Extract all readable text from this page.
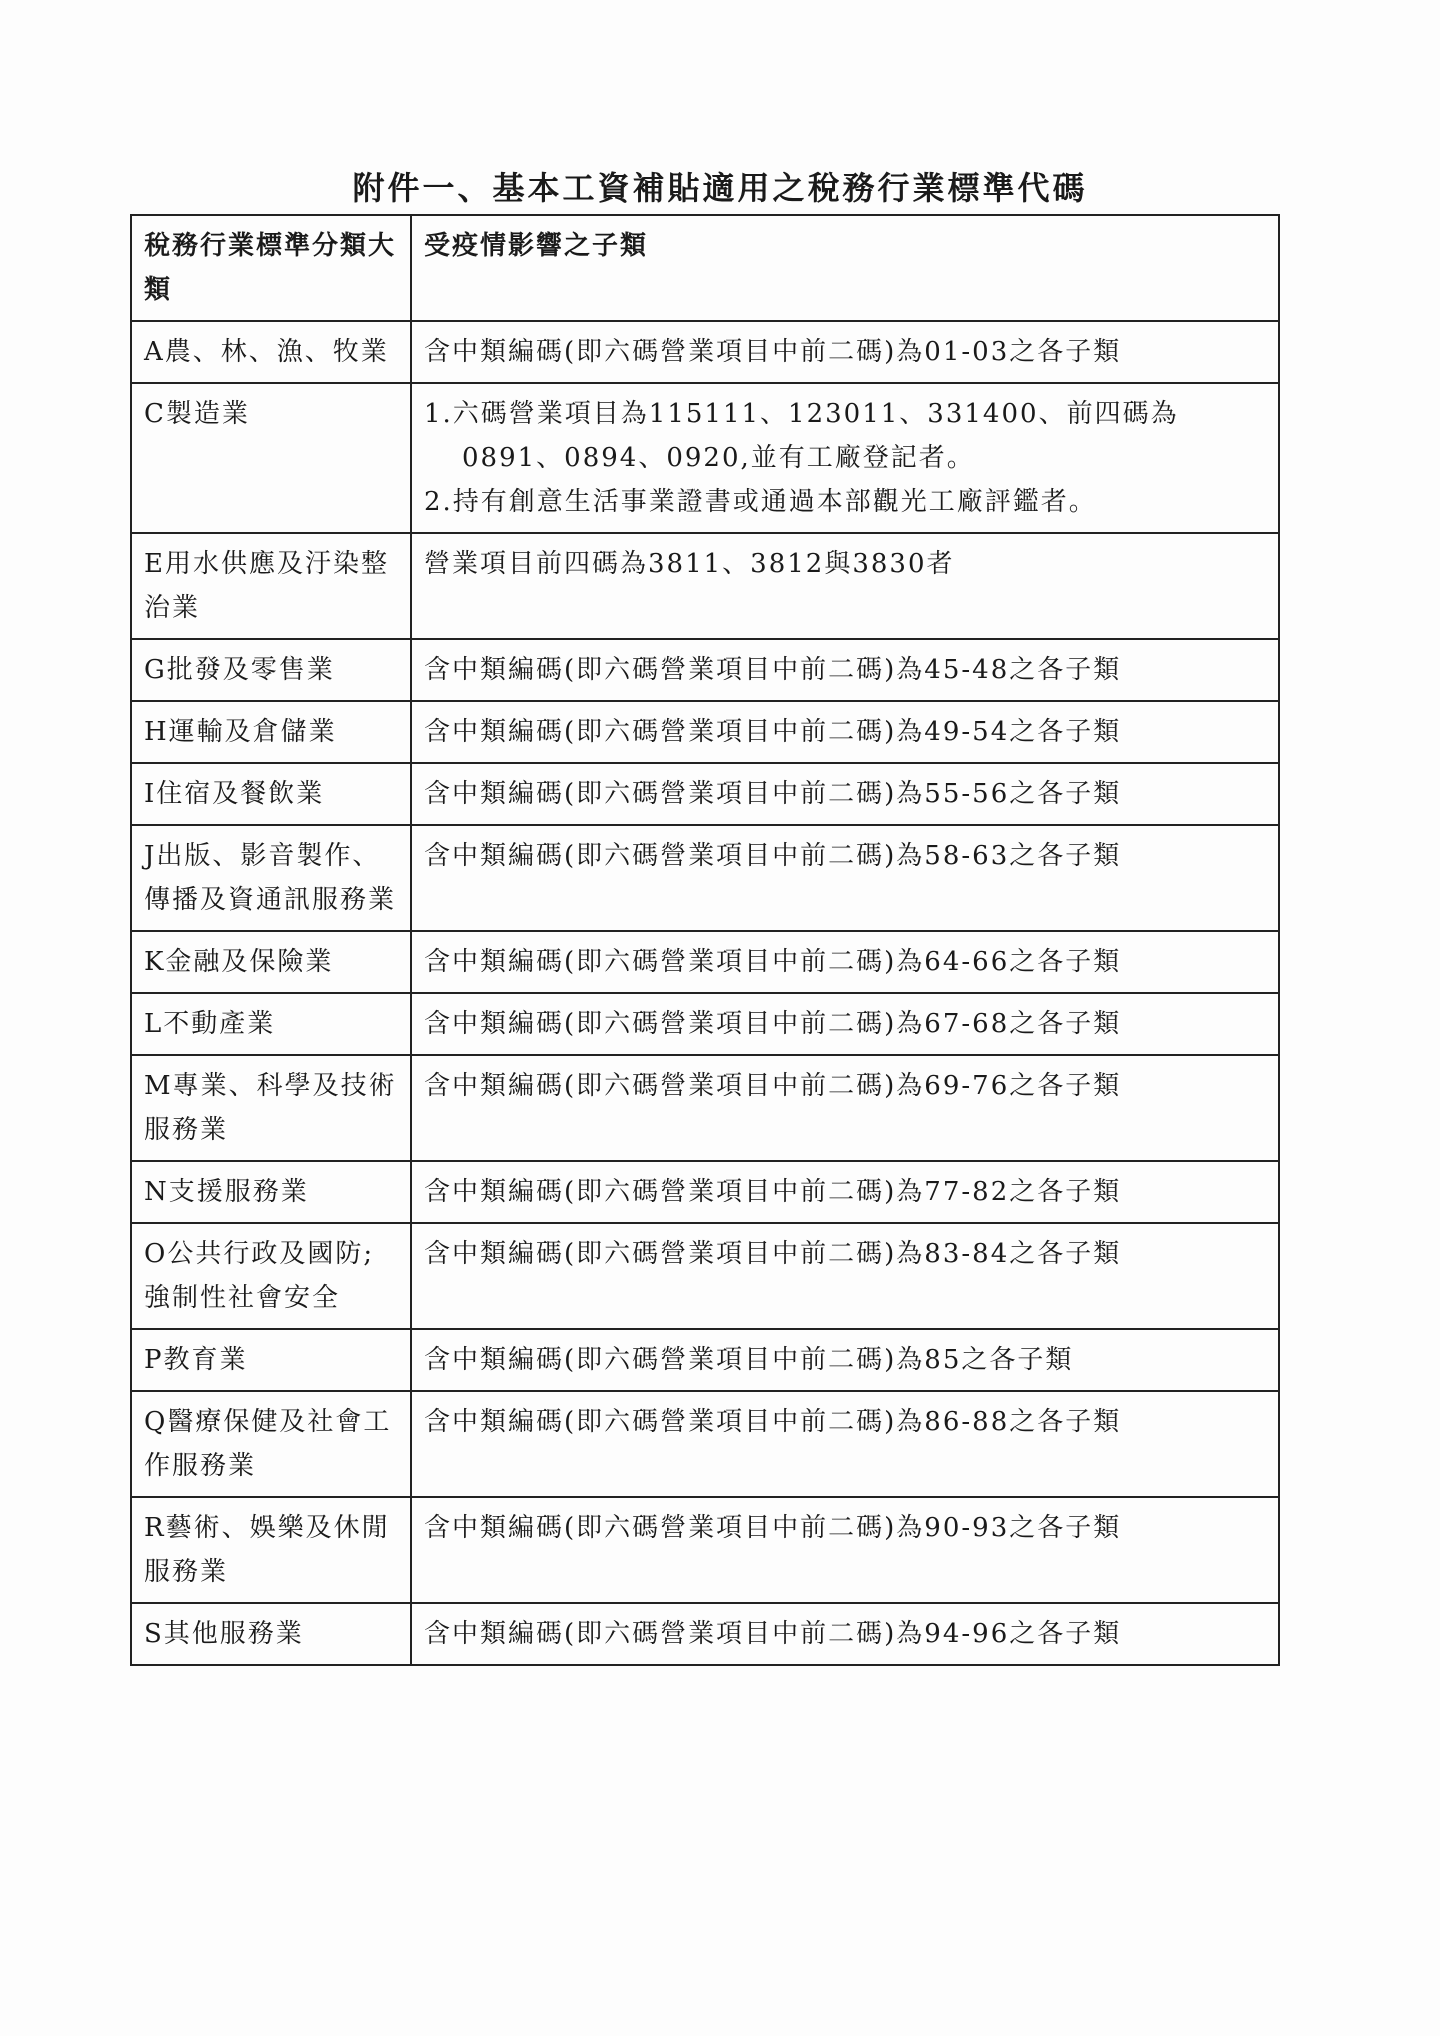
附件一、基本工資補貼適用之稅務行業標準代碼
稅務行業標準分類大類	受疫情影響之子類
A農、林、漁、牧業	含中類編碼(即六碼營業項目中前二碼)為01-03之各子類

C製造業	1.六碼營業項目為115111、123011、331400、前四碼為
0891、0894、0920,並有工廠登記者。
2.持有創意生活事業證書或通過本部觀光工廠評鑑者。

E用水供應及汙染整治業	營業項目前四碼為3811、3812與3830者

G批發及零售業	含中類編碼(即六碼營業項目中前二碼)為45-48之各子類

H運輸及倉儲業	含中類編碼(即六碼營業項目中前二碼)為49-54之各子類

I住宿及餐飲業	含中類編碼(即六碼營業項目中前二碼)為55-56之各子類

J出版、影音製作、傳播及資通訊服務業	含中類編碼(即六碼營業項目中前二碼)為58-63之各子類

K金融及保險業	含中類編碼(即六碼營業項目中前二碼)為64-66之各子類

L不動產業	含中類編碼(即六碼營業項目中前二碼)為67-68之各子類

M專業、科學及技術服務業	含中類編碼(即六碼營業項目中前二碼)為69-76之各子類

N支援服務業	含中類編碼(即六碼營業項目中前二碼)為77-82之各子類

O公共行政及國防;強制性社會安全	含中類編碼(即六碼營業項目中前二碼)為83-84之各子類

P教育業	含中類編碼(即六碼營業項目中前二碼)為85之各子類

Q醫療保健及社會工作服務業	含中類編碼(即六碼營業項目中前二碼)為86-88之各子類

R藝術、娛樂及休閒服務業	含中類編碼(即六碼營業項目中前二碼)為90-93之各子類

S其他服務業	含中類編碼(即六碼營業項目中前二碼)為94-96之各子類
